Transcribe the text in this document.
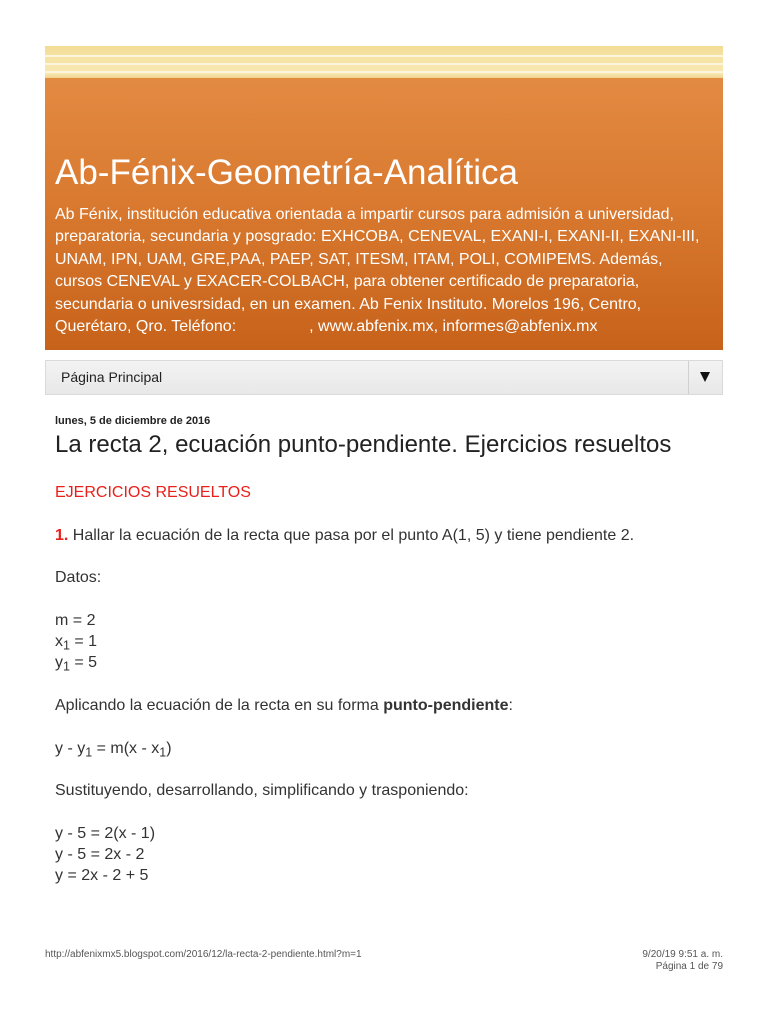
Ab-Fénix-Geometría-Analítica
Ab Fénix, institución educativa orientada a impartir cursos para admisión a universidad,
preparatoria, secundaria y posgrado: EXHCOBA, CENEVAL, EXANI-I, EXANI-II, EXANI-III,
UNAM, IPN, UAM, GRE,PAA, PAEP, SAT, ITESM, ITAM, POLI, COMIPEMS. Además,
cursos CENEVAL y EXACER-COLBACH, para obtener certificado de preparatoria,
secundaria o univesrsidad, en un examen. Ab Fenix Instituto. Morelos 196, Centro,
Querétaro, Qro. Teléfono:	, www.abfenix.mx, informes@abfenix.mx
Página Principal
lunes, 5 de diciembre de 2016
La recta 2, ecuación punto-pendiente. Ejercicios resueltos

EJERCICIOS RESUELTOS

1. Hallar la ecuación de la recta que pasa por el punto A(1, 5) y tiene pendiente 2.

Datos:

m = 2
$x_1 = 1$
$y_1 = 5$

Aplicando la ecuación de la recta en su forma punto-pendiente:

$y - y_1 = m(x - x_1)$

Sustituyendo, desarrollando, simplificando y trasponiendo:

y - 5 = 2(x - 1)
y - 5 = 2x - 2
y = 2x - 2 + 5

http://abfenixmx5.blogspot.com/2016/12/la-recta-2-pendiente.html?m=1	9/20/19 9:51 a. m.
Página 1 de 79
